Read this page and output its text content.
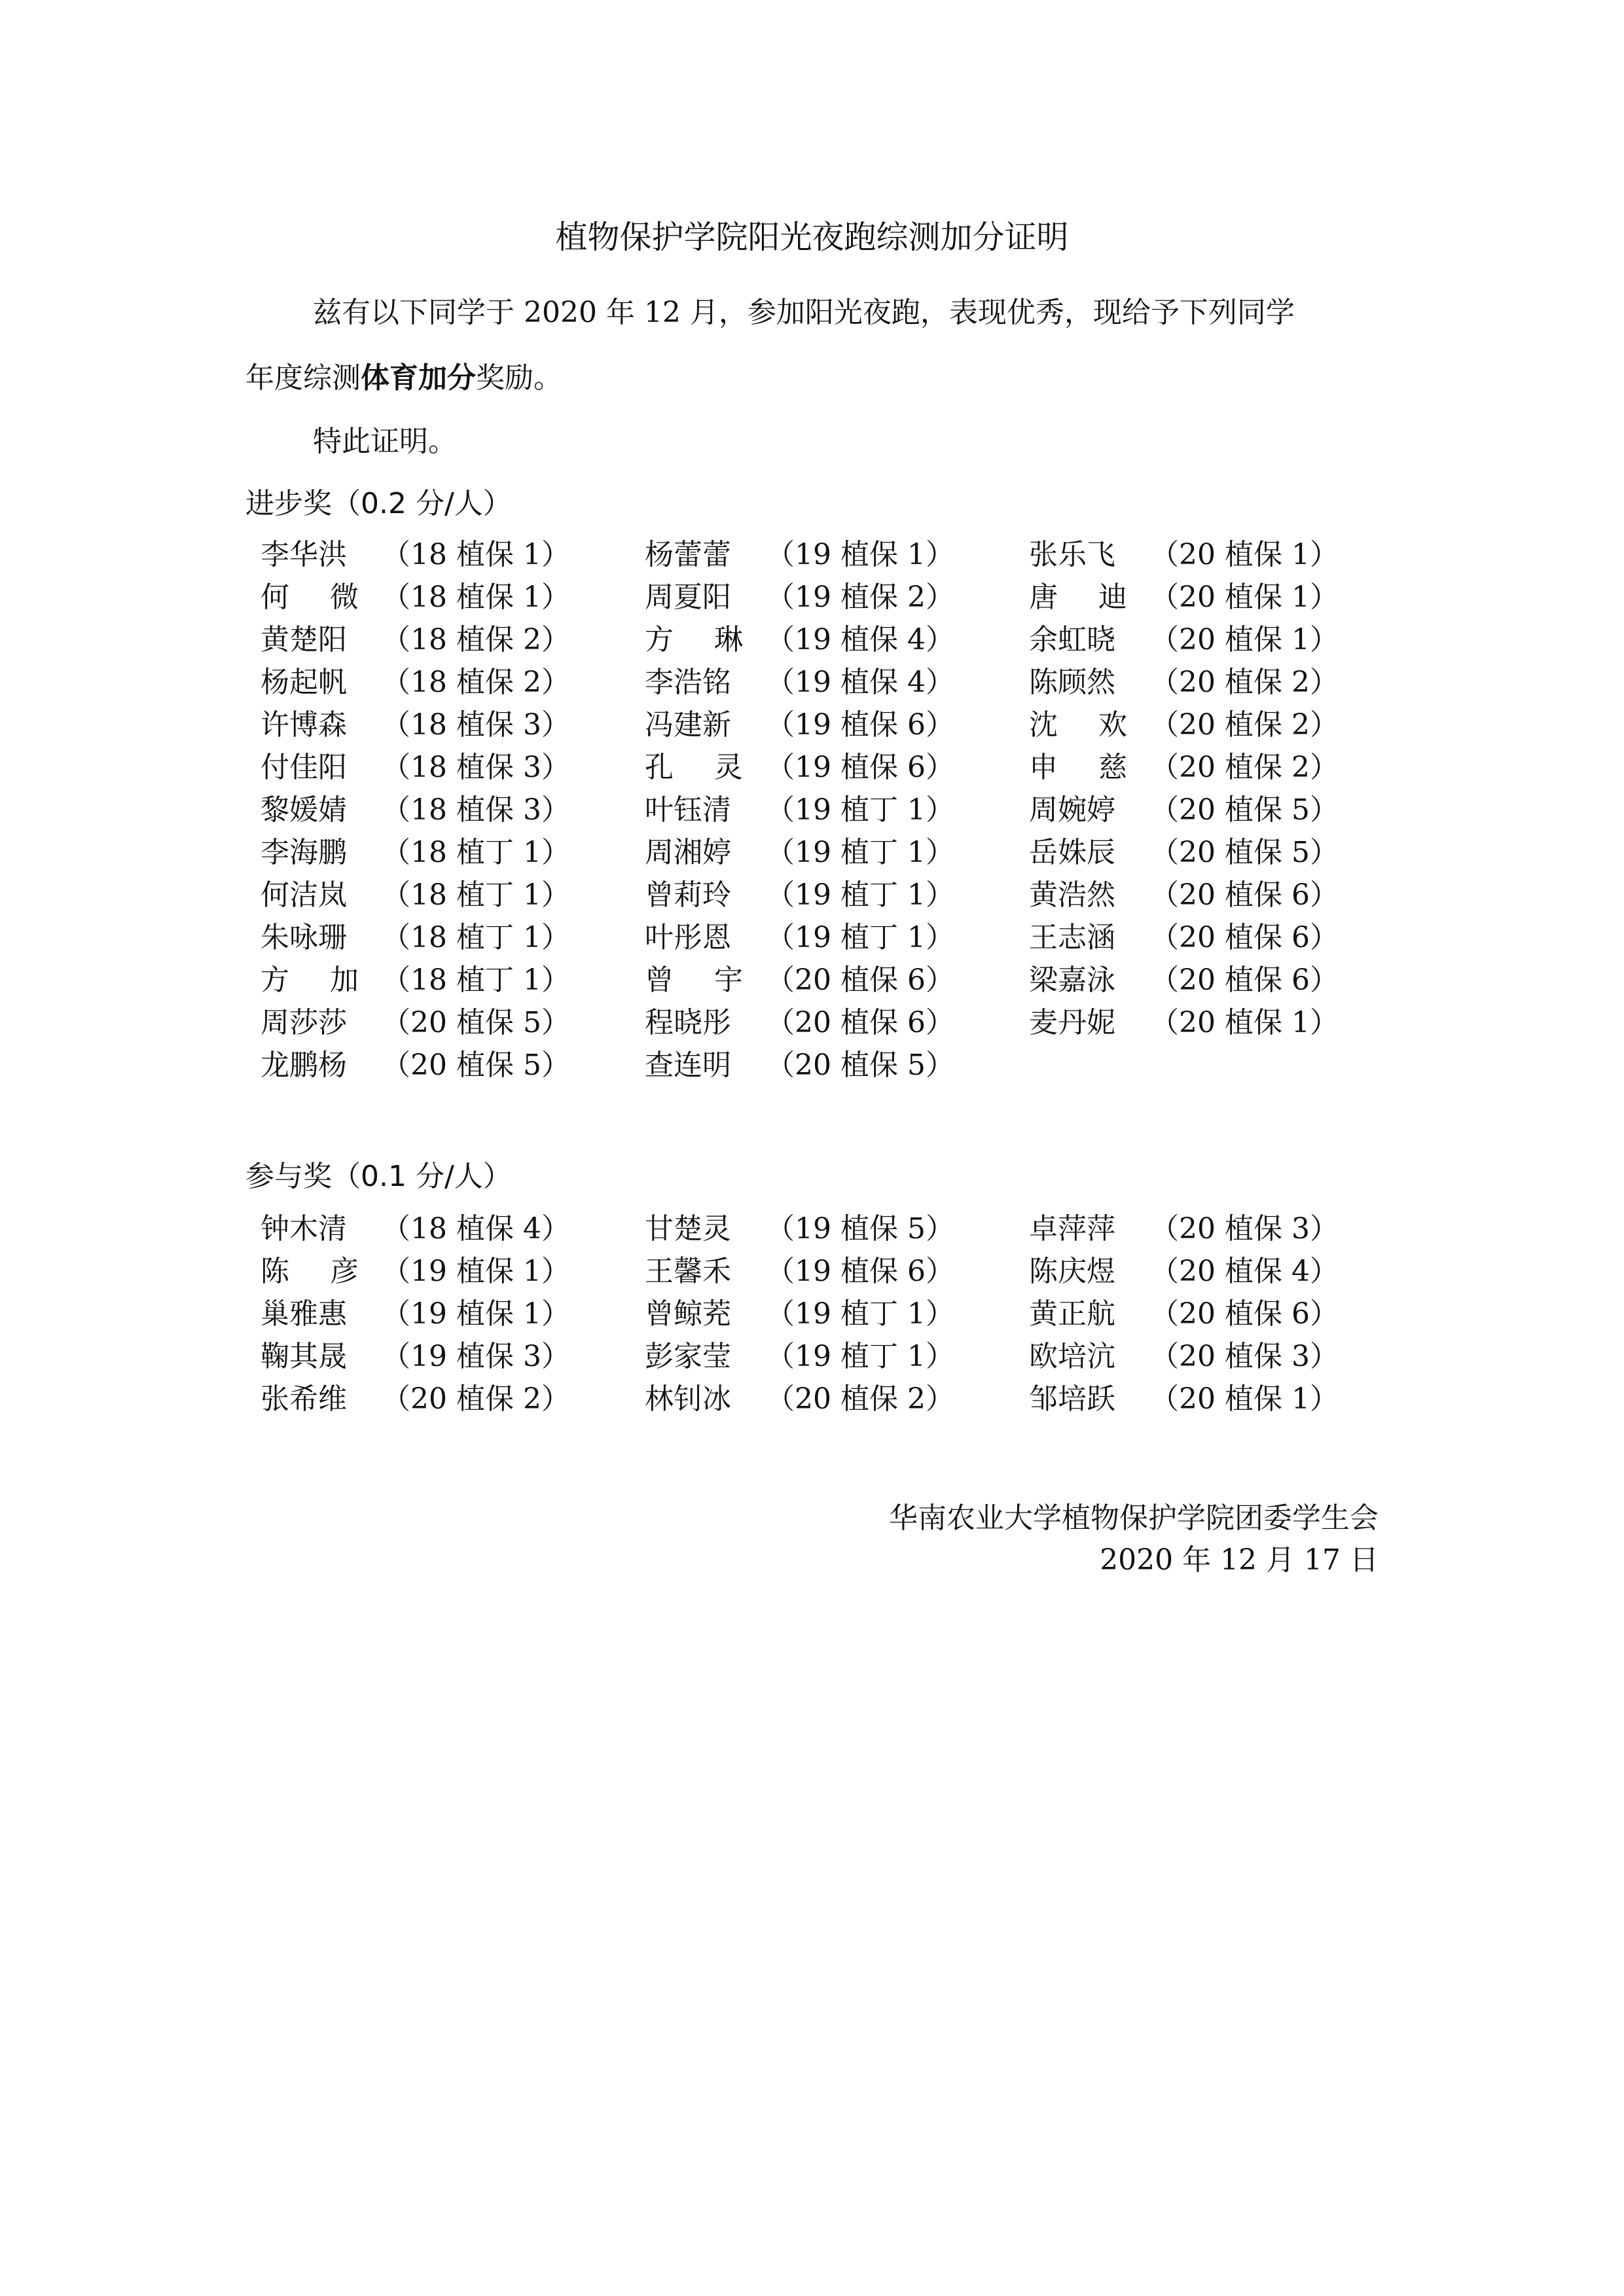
植物保护学院阳光夜跑综测加分证明
兹有以下同学于 2020 年 12 月，参加阳光夜跑，表现优秀，现给予下列同学
年度综测体育加分奖励。
特此证明。
进步奖（0.2 分/人）
李华洪	（18 植保 1）	杨蕾蕾	（19 植保 1）	张乐飞	（20 植保 1）
何 微 （18 植保 1）	周夏阳	（19 植保 2）	唐 迪 （20 植保 1）
黄楚阳	（18 植保 2）	方 琳 （19 植保 4）	余虹晓	（20 植保 1）
杨起帆	（18 植保 2）	李浩铭	（19 植保 4）	陈顾然	（20 植保 2）
许博森	（18 植保 3）	冯建新	（19 植保 6）	沈 欢 （20 植保 2）
付佳阳	（18 植保 3）	孔 灵 （19 植保 6）	申 慈 （20 植保 2）
黎媛婧	（18 植保 3）	叶钰清	（19 植丁 1）	周婉婷	（20 植保 5）
李海鹏	（18 植丁 1）	周湘婷	（19 植丁 1）	岳姝辰	（20 植保 5）
何洁岚	（18 植丁 1）	曾莉玲	（19 植丁 1）	黄浩然	（20 植保 6）
朱咏珊	（18 植丁 1）	叶彤恩	（19 植丁 1）	王志涵	（20 植保 6）
方 加 （18 植丁 1）	曾 宇 （20 植保 6）	梁嘉泳	（20 植保 6）
周莎莎	（20 植保 5）	程晓彤	（20 植保 6）	麦丹妮	（20 植保 1）
龙鹏杨	（20 植保 5）	查连明	（20 植保 5）
参与奖（0.1 分/人）
钟木清	（18 植保 4）	甘楚灵	（19 植保 5）	卓萍萍	（20 植保 3）
陈 彦 （19 植保 1）	王馨禾	（19 植保 6）	陈庆煜	（20 植保 4）
巢雅惠	（19 植保 1）	曾鲸茺	（19 植丁 1）	黄正航	（20 植保 6）
鞠其晟	（19 植保 3）	彭家莹	（19 植丁 1）	欧培沆	（20 植保 3）
张希维	（20 植保 2）	林钊冰	（20 植保 2）	邹培跃	（20 植保 1）
华南农业大学植物保护学院团委学生会
2020 年 12 月 17 日
